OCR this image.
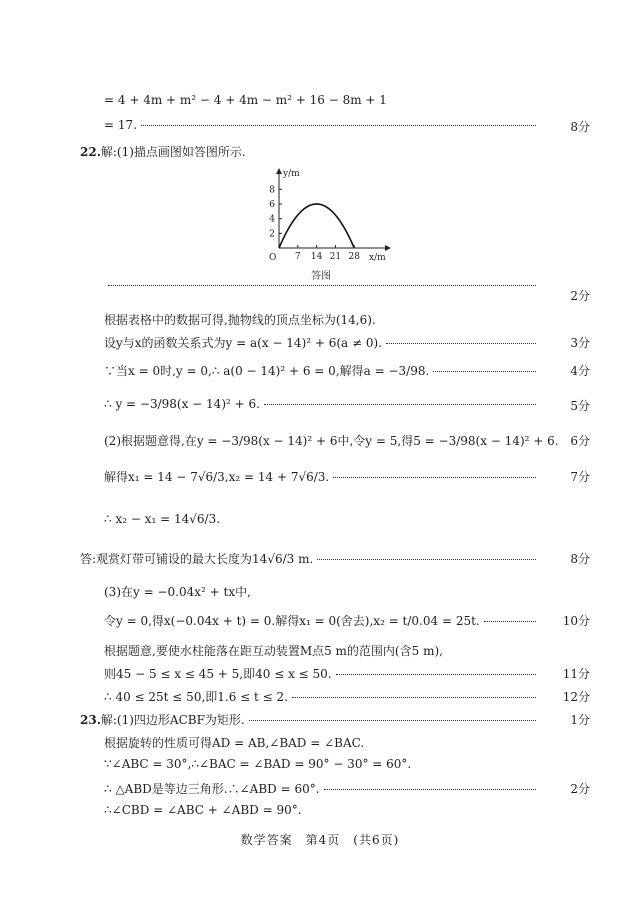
= 4 + 4m + m² − 4 + 4m − m² + 16 − 8m + 1
= 17.	8分
22. 解:(1)描点画图如答图所示.
7 14 21 28
2
4
6
8
y/m
x/m
O
答图
2分
根据表格中的数据可得,抛物线的顶点坐标为(14,6).
设y与x的函数关系式为y = a(x − 14)² + 6(a ≠ 0).	3分
∵当x = 0时,y = 0,∴ a(0 − 14)² + 6 = 0,解得a = −3/98.	4分
∴ y = −3/98(x − 14)² + 6.	5分
(2)根据题意得,在y = −3/98(x − 14)² + 6中,令y = 5,得5 = −3/98(x − 14)² + 6. 6分
解得x₁ = 14 − 7√6/3,x₂ = 14 + 7√6/3.	7分
∴ x₂ − x₁ = 14√6/3.
答:观赏灯带可铺设的最大长度为14√6/3 m.	8分
(3)在y = −0.04x² + tx中,
令y = 0,得x(−0.04x + t) = 0.解得x₁ = 0(舍去),x₂ = t/0.04 = 25t.	10分
根据题意,要使水柱能落在距互动装置M点5 m的范围内(含5 m),
则45 − 5 ≤ x ≤ 45 + 5,即40 ≤ x ≤ 50.	11分
∴ 40 ≤ 25t ≤ 50,即1.6 ≤ t ≤ 2.	12分
23. 解:(1)四边形ACBF为矩形.	1分
根据旋转的性质可得AD = AB,∠BAD = ∠BAC.
∵∠ABC = 30°,∴∠BAC = ∠BAD = 90° − 30° = 60°.
∴ △ABD是等边三角形.∴∠ABD = 60°.	2分
∴∠CBD = ∠ABC + ∠ABD = 90°.
数学答案　第4页　(共6页)
